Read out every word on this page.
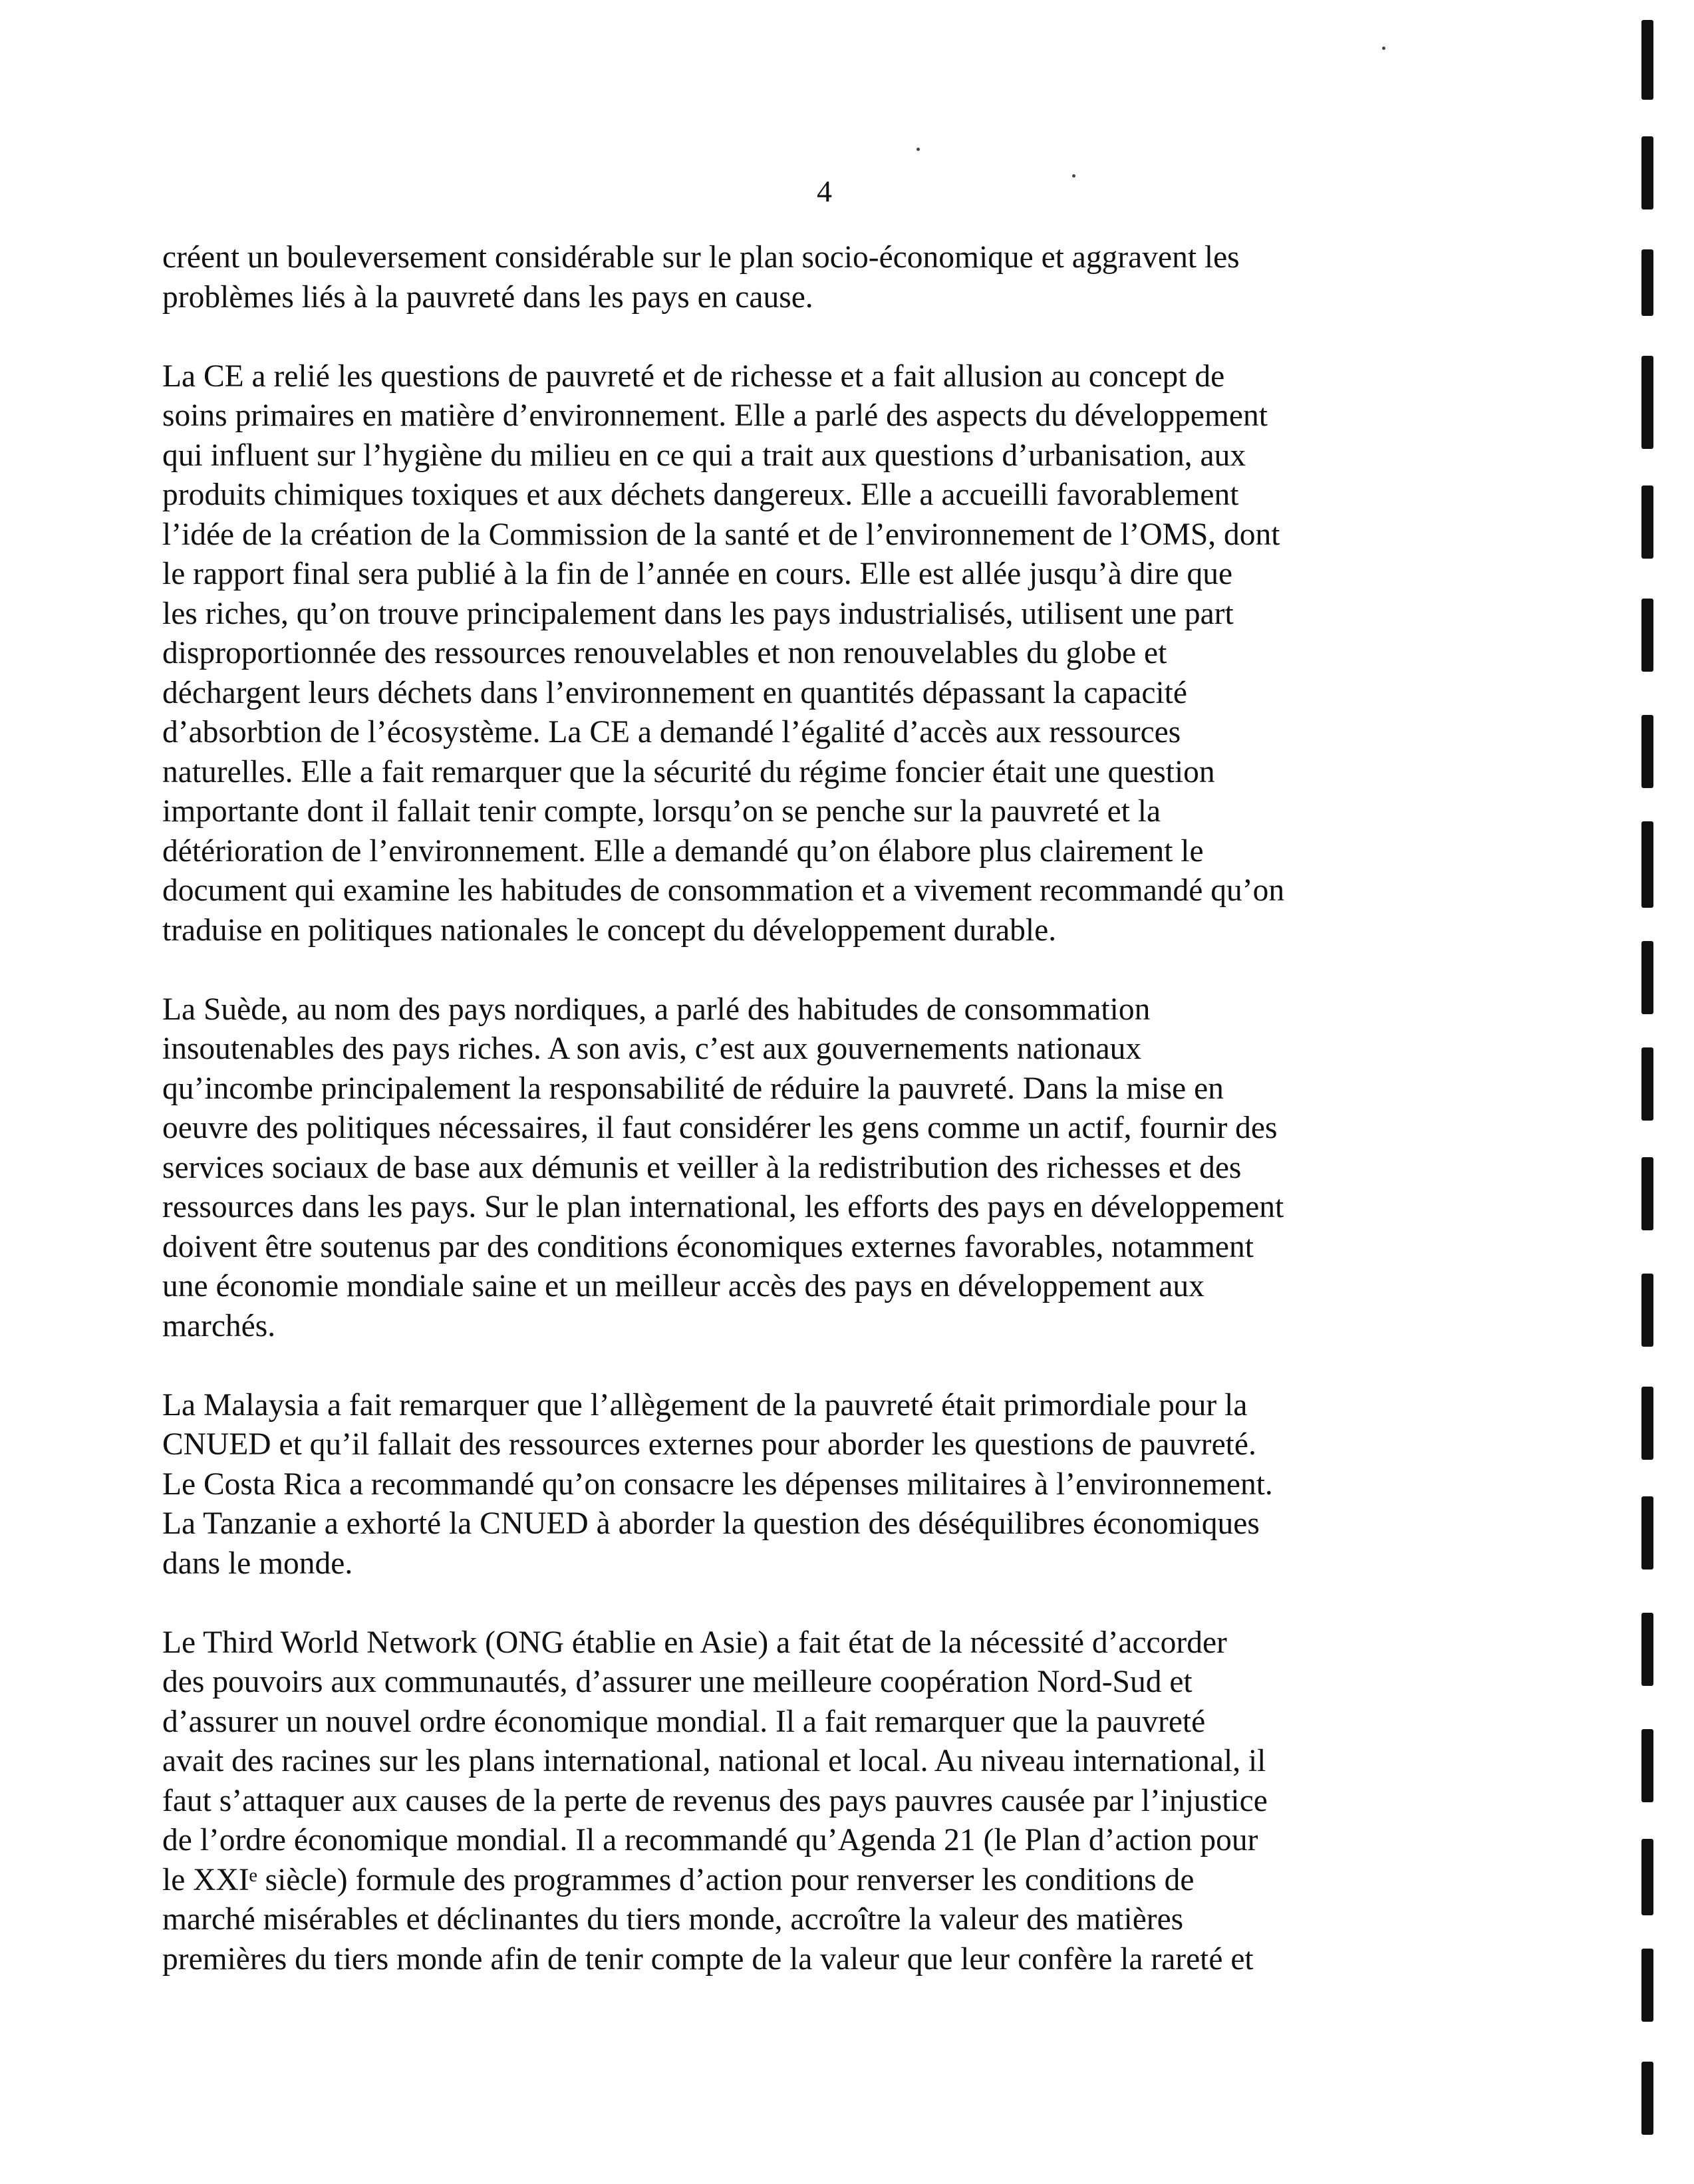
4
créent un bouleversement considérable sur le plan socio-économique et aggravent les
problèmes liés à la pauvreté dans les pays en cause.
La CE a relié les questions de pauvreté et de richesse et a fait allusion au concept de
soins primaires en matière d’environnement. Elle a parlé des aspects du développement
qui influent sur l’hygiène du milieu en ce qui a trait aux questions d’urbanisation, aux
produits chimiques toxiques et aux déchets dangereux. Elle a accueilli favorablement
l’idée de la création de la Commission de la santé et de l’environnement de l’OMS, dont
le rapport final sera publié à la fin de l’année en cours. Elle est allée jusqu’à dire que
les riches, qu’on trouve principalement dans les pays industrialisés, utilisent une part
disproportionnée des ressources renouvelables et non renouvelables du globe et
déchargent leurs déchets dans l’environnement en quantités dépassant la capacité
d’absorbtion de l’écosystème. La CE a demandé l’égalité d’accès aux ressources
naturelles. Elle a fait remarquer que la sécurité du régime foncier était une question
importante dont il fallait tenir compte, lorsqu’on se penche sur la pauvreté et la
détérioration de l’environnement. Elle a demandé qu’on élabore plus clairement le
document qui examine les habitudes de consommation et a vivement recommandé qu’on
traduise en politiques nationales le concept du développement durable.
La Suède, au nom des pays nordiques, a parlé des habitudes de consommation
insoutenables des pays riches. A son avis, c’est aux gouvernements nationaux
qu’incombe principalement la responsabilité de réduire la pauvreté. Dans la mise en
oeuvre des politiques nécessaires, il faut considérer les gens comme un actif, fournir des
services sociaux de base aux démunis et veiller à la redistribution des richesses et des
ressources dans les pays. Sur le plan international, les efforts des pays en développement
doivent être soutenus par des conditions économiques externes favorables, notamment
une économie mondiale saine et un meilleur accès des pays en développement aux
marchés.
La Malaysia a fait remarquer que l’allègement de la pauvreté était primordiale pour la
CNUED et qu’il fallait des ressources externes pour aborder les questions de pauvreté.
Le Costa Rica a recommandé qu’on consacre les dépenses militaires à l’environnement.
La Tanzanie a exhorté la CNUED à aborder la question des déséquilibres économiques
dans le monde.
Le Third World Network (ONG établie en Asie) a fait état de la nécessité d’accorder
des pouvoirs aux communautés, d’assurer une meilleure coopération Nord-Sud et
d’assurer un nouvel ordre économique mondial. Il a fait remarquer que la pauvreté
avait des racines sur les plans international, national et local. Au niveau international, il
faut s’attaquer aux causes de la perte de revenus des pays pauvres causée par l’injustice
de l’ordre économique mondial. Il a recommandé qu’Agenda 21 (le Plan d’action pour
le XXIᵉ siècle) formule des programmes d’action pour renverser les conditions de
marché misérables et déclinantes du tiers monde, accroître la valeur des matières
premières du tiers monde afin de tenir compte de la valeur que leur confère la rareté et
